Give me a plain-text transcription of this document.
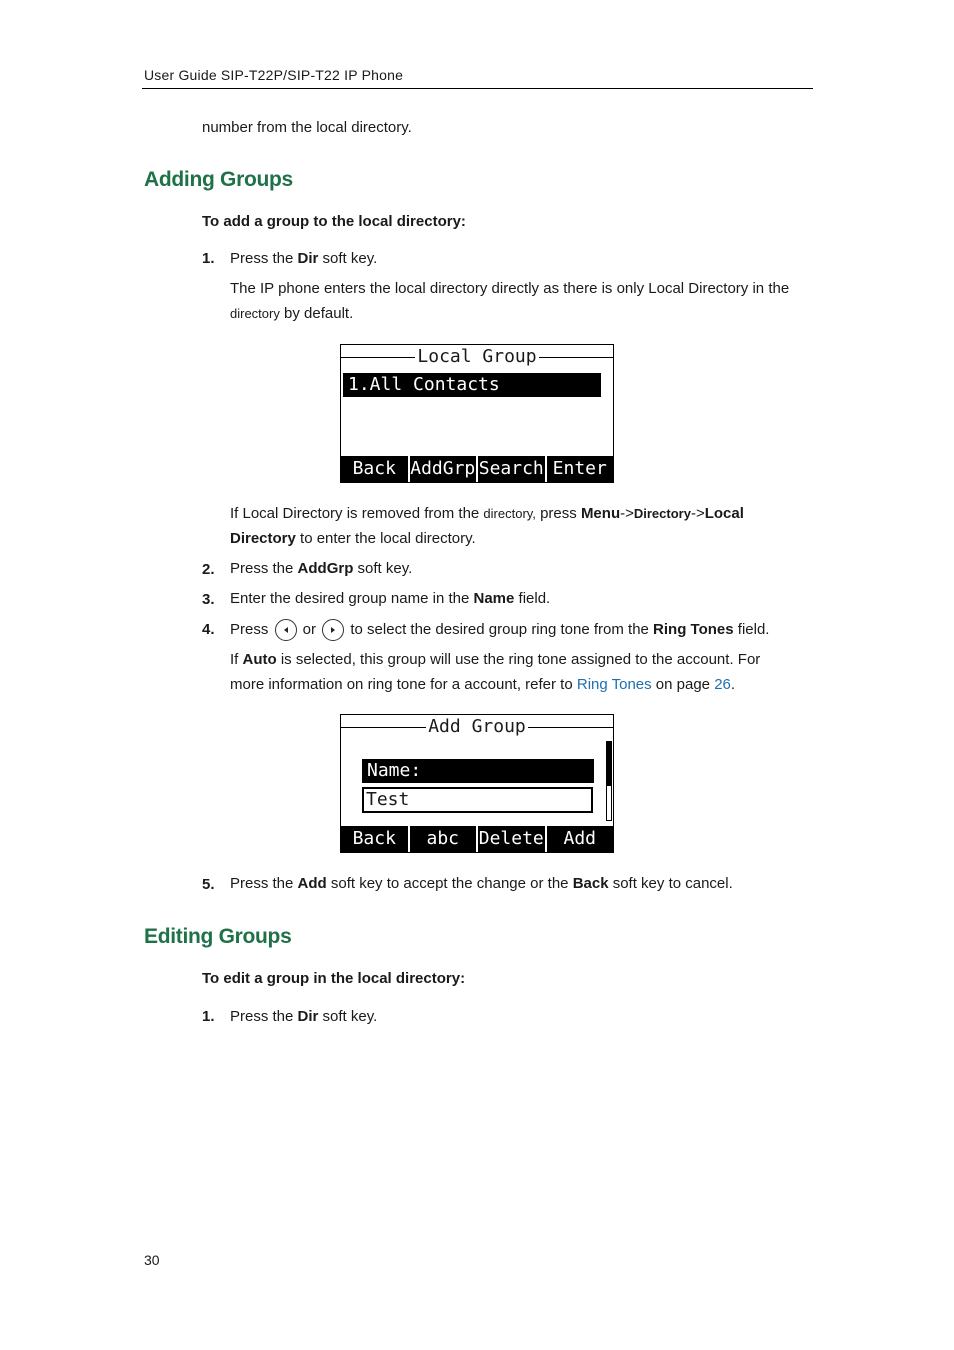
User Guide SIP-T22P/SIP-T22 IP Phone
number from the local directory.
Adding Groups
To add a group to the local directory:
1. Press the Dir soft key.
The IP phone enters the local directory directly as there is only Local Directory in the
directory by default.
Local Group
1.All Contacts
Back AddGrp Search Enter
If Local Directory is removed from the directory, press Menu->Directory->Local
Directory to enter the local directory.
2. Press the AddGrp soft key.
3. Enter the desired group name in the Name field.
4. Press
or
to select the desired group ring tone from the Ring Tones field.
If Auto is selected, this group will use the ring tone assigned to the account. For
more information on ring tone for a account, refer to Ring Tones on page 26.
Add Group
Name:
Test
Back	abc	Delete	Add
5. Press the Add soft key to accept the change or the Back soft key to cancel.
Editing Groups
To edit a group in the local directory:
1. Press the Dir soft key.
30
